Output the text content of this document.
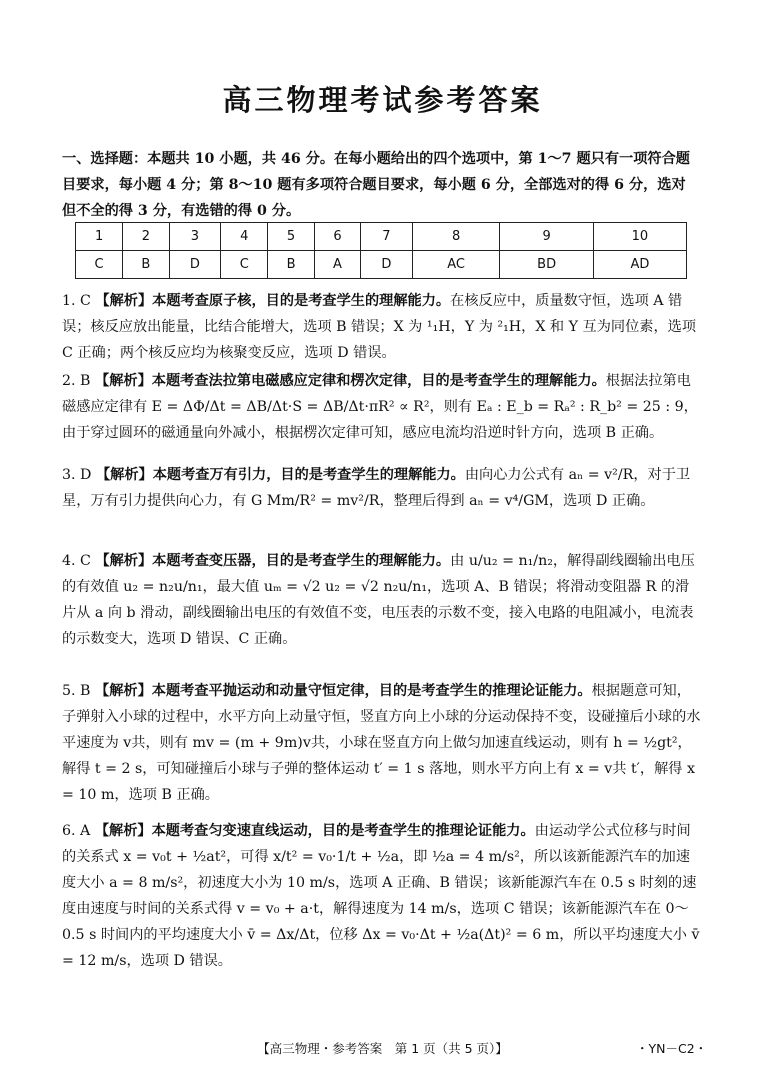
高三物理考试参考答案
一、选择题：本题共 10 小题，共 46 分。在每小题给出的四个选项中，第 1～7 题只有一项符合题目要求，每小题 4 分；第 8～10 题有多项符合题目要求，每小题 6 分，全部选对的得 6 分，选对但不全的得 3 分，有选错的得 0 分。
1	2	3	4	5	6	7	8	9	10
C	B	D	C	B	A	D	AC	BD	AD
1. C 【解析】本题考查原子核，目的是考查学生的理解能力。在核反应中，质量数守恒，选项 A 错误；核反应放出能量，比结合能增大，选项 B 错误；X 为 ¹₁H，Y 为 ²₁H，X 和 Y 互为同位素，选项 C 正确；两个核反应均为核聚变反应，选项 D 错误。
2. B 【解析】本题考查法拉第电磁感应定律和楞次定律，目的是考查学生的理解能力。根据法拉第电磁感应定律有 E = ΔΦ/Δt = ΔB/Δt·S = ΔB/Δt·πR² ∝ R²，则有 Eₐ : E_b = Rₐ² : R_b² = 25 : 9，由于穿过圆环的磁通量向外减小，根据楞次定律可知，感应电流均沿逆时针方向，选项 B 正确。
3. D 【解析】本题考查万有引力，目的是考查学生的理解能力。由向心力公式有 aₙ = v²/R，对于卫星，万有引力提供向心力，有 G Mm/R² = mv²/R，整理后得到 aₙ = v⁴/GM，选项 D 正确。
4. C 【解析】本题考查变压器，目的是考查学生的理解能力。由 u/u₂ = n₁/n₂，解得副线圈输出电压的有效值 u₂ = n₂u/n₁，最大值 uₘ = √2 u₂ = √2 n₂u/n₁，选项 A、B 错误；将滑动变阻器 R 的滑片从 a 向 b 滑动，副线圈输出电压的有效值不变，电压表的示数不变，接入电路的电阻减小，电流表的示数变大，选项 D 错误、C 正确。
5. B 【解析】本题考查平抛运动和动量守恒定律，目的是考查学生的推理论证能力。根据题意可知，子弹射入小球的过程中，水平方向上动量守恒，竖直方向上小球的分运动保持不变，设碰撞后小球的水平速度为 v共，则有 mv = (m + 9m)v共，小球在竖直方向上做匀加速直线运动，则有 h = ½gt²，解得 t = 2 s，可知碰撞后小球与子弹的整体运动 t′ = 1 s 落地，则水平方向上有 x = v共 t′，解得 x = 10 m，选项 B 正确。
6. A 【解析】本题考查匀变速直线运动，目的是考查学生的推理论证能力。由运动学公式位移与时间的关系式 x = v₀t + ½at²，可得 x/t² = v₀·1/t + ½a，即 ½a = 4 m/s²，所以该新能源汽车的加速度大小 a = 8 m/s²，初速度大小为 10 m/s，选项 A 正确、B 错误；该新能源汽车在 0.5 s 时刻的速度由速度与时间的关系式得 v = v₀ + a·t，解得速度为 14 m/s，选项 C 错误；该新能源汽车在 0～0.5 s 时间内的平均速度大小 v̄ = Δx/Δt，位移 Δx = v₀·Δt + ½a(Δt)² = 6 m，所以平均速度大小 v̄ = 12 m/s，选项 D 错误。
【高三物理・参考答案　第 1 页（共 5 页）】	・YN－C2・
